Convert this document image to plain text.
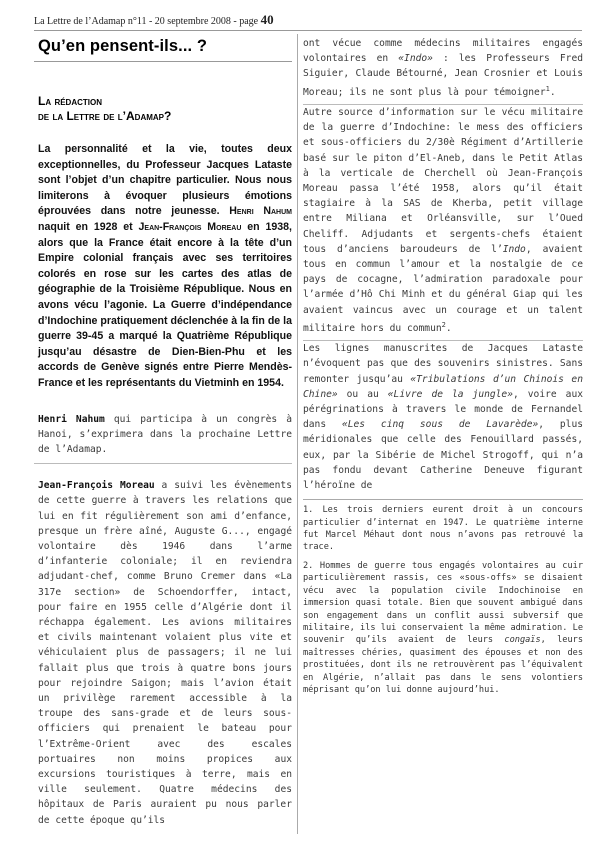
La Lettre de l’Adamap n°11 - 20 septembre 2008 - page 40
Qu’en pensent-ils... ?
La rédaction
de la Lettre de l’Adamap?
La personnalité et la vie, toutes deux exceptionnelles, du Professeur Jacques Lataste sont l’objet d’un chapitre particulier. Nous nous limiterons à évoquer plusieurs émotions éprouvées dans notre jeunesse. Henri Nahum naquit en 1928 et Jean-François Moreau en 1938, alors que la France était encore à la tête d’un Empire colonial français avec ses territoires colorés en rose sur les cartes des atlas de géographie de la Troisième République. Nous en avons vécu l’agonie. La Guerre d’indépendance d’Indochine pratiquement déclenchée à la fin de la guerre 39-45 a marqué la Quatrième République jusqu’au désastre de Dien-Bien-Phu et les accords de Genève signés entre Pierre Mendès-France et les représentants du Vietminh en 1954.
Henri Nahum qui participa à un congrès à Hanoi, s’exprimera dans la prochaine Lettre de l’Adamap.
Jean-François Moreau a suivi les évènements de cette guerre à travers les relations que lui en fit régulièrement son ami d’enfance, presque un frère aîné, Auguste G..., engagé volontaire dès 1946 dans l’arme d’infanterie coloniale; il en reviendra adjudant-chef, comme Bruno Cremer dans «La 317e section» de Schoendorffer, intact, pour faire en 1955 celle d’Algérie dont il réchappa également. Les avions militaires et civils maintenant volaient plus vite et véhiculaient plus de passagers; il ne lui fallait plus que trois à quatre bons jours pour rejoindre Saigon; mais l’avion était un privilège rarement accessible à la troupe des sans-grade et de leurs sous-officiers qui prenaient le bateau pour l’Extrême-Orient avec des escales portuaires non moins propices aux excursions touristiques à terre, mais en ville seulement. Quatre médecins des hôpitaux de Paris auraient pu nous parler de cette époque qu’ils
ont vécue comme médecins militaires engagés volontaires en «Indo» : les Professeurs Fred Siguier, Claude Bétourné, Jean Crosnier et Louis Moreau; ils ne sont plus là pour témoigner$^1$.
Autre source d’information sur le vécu militaire de la guerre d’Indochine: le mess des officiers et sous-officiers du 2/30è Régiment d’Artillerie basé sur le piton d’El-Aneb, dans le Petit Atlas à la verticale de Cherchell où Jean-François Moreau passa l’été 1958, alors qu’il était stagiaire à la SAS de Kherba, petit village entre Miliana et Orléansville, sur l’Oued Cheliff. Adjudants et sergents-chefs étaient tous d’anciens baroudeurs de l’Indo, avaient tous en commun l’amour et la nostalgie de ce pays de cocagne, l’admiration paradoxale pour l’armée d’Hô Chi Minh et du général Giap qui les avaient vaincus avec un courage et un talent militaire hors du commun$^2$.
Les lignes manuscrites de Jacques Lataste n’évoquent pas que des souvenirs sinistres. Sans remonter jusqu’au «Tribulations d’un Chinois en Chine» ou au «Livre de la jungle», voire aux pérégrinations à travers le monde de Fernandel dans «Les cinq sous de Lavarède», plus méridionales que celle des Fenouillard passés, eux, par la Sibérie de Michel Strogoff, qui n’a pas fondu devant Catherine Deneuve figurant l’héroïne de
1. Les trois derniers eurent droit à un concours particulier d’internat en 1947. Le quatrième interne fut Marcel Méhaut dont nous n’avons pas retrouvé la trace.
2. Hommes de guerre tous engagés volontaires au cuir particulièrement rassis, ces «sous-offs» se disaient vécu avec la population civile Indochinoise en immersion quasi totale. Bien que souvent ambigué dans son engagement dans un conflit aussi subversif que militaire, ils lui conservaient la même admiration. Le souvenir qu’ils avaient de leurs congaïs, leurs maîtresses chéries, quasiment des épouses et non des prostituées, dont ils ne retrouvèrent pas l’équivalent en Algérie, n’allait pas dans le sens volontiers méprisant qu’on lui donne aujourd’hui.
